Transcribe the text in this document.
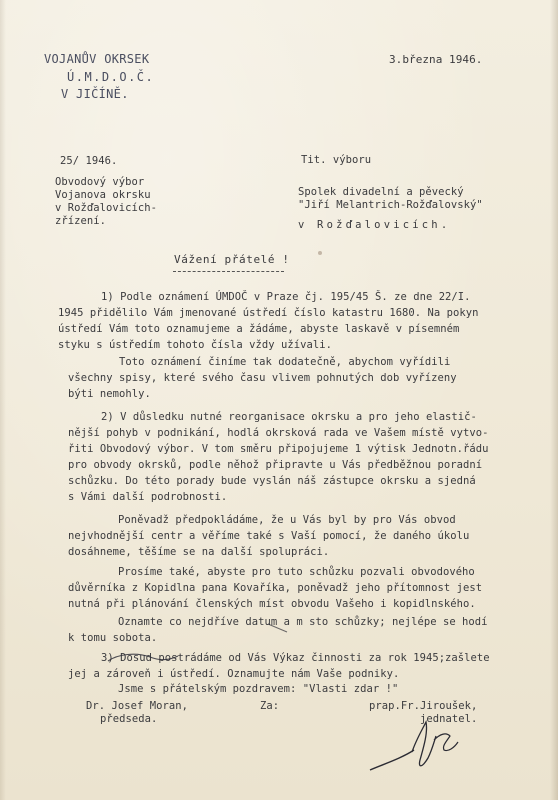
VOJANŮV OKRSEK
Ú.M.D.O.Č.
V JIČÍNĚ.
3.března 1946.
25/ 1946.
Obvodový výbor
Vojanova okrsku
v Rožďalovicích-
zřízení.
Tit. výboru
Spolek divadelní a pěvecký
"Jiří Melantrich-Rožďalovský"
v Rožďalovicích.
Vážení přátelé !
1) Podle oznámení ÚMDOČ v Praze čj. 195/45 Š. ze dne 22/I.
1945 přidělilo Vám jmenované ústředí číslo katastru 1680. Na pokyn
ústředí Vám toto oznamujeme a žádáme, abyste laskavě v písemném
styku s ústředím tohoto čísla vždy užívali.
Toto oznámení činíme tak dodatečně, abychom vyřídili
všechny spisy, které svého času vlivem pohnutých dob vyřízeny
býti nemohly.
2) V důsledku nutné reorganisace okrsku a pro jeho elastič-
nější pohyb v podnikání, hodlá okrsková rada ve Vašem místě vytvo-
řiti Obvodový výbor. V tom směru připojujeme 1 výtisk Jednotn.řádu
pro obvody okrsků, podle něhož připravte u Vás předběžnou poradní
schůzku. Do této porady bude vyslán náš zástupce okrsku a sjedná
s Vámi další podrobnosti.
Poněvadž předpokládáme, že u Vás byl by pro Vás obvod
nejvhodnější centr a věříme také s Vaší pomocí, že daného úkolu
dosáhneme, těšíme se na další spolupráci.
Prosíme také, abyste pro tuto schůzku pozvali obvodového
důvěrníka z Kopidlna pana Kovaříka, poněvadž jeho přítomnost jest
nutná při plánování členských míst obvodu Vašeho i kopidlnského.
Oznamte co nejdříve datum a m sto schůzky; nejlépe se hodí
k tomu sobota.
3) Dosud postrádáme od Vás Výkaz činnosti za rok 1945;zašlete
jej a zároveň i ústředí. Oznamujte nám Vaše podniky.
Jsme s přátelským pozdravem: "Vlasti zdar !"
Dr. Josef Moran,
předseda.
Za:	prap.Fr.Jiroušek,
jednatel.
